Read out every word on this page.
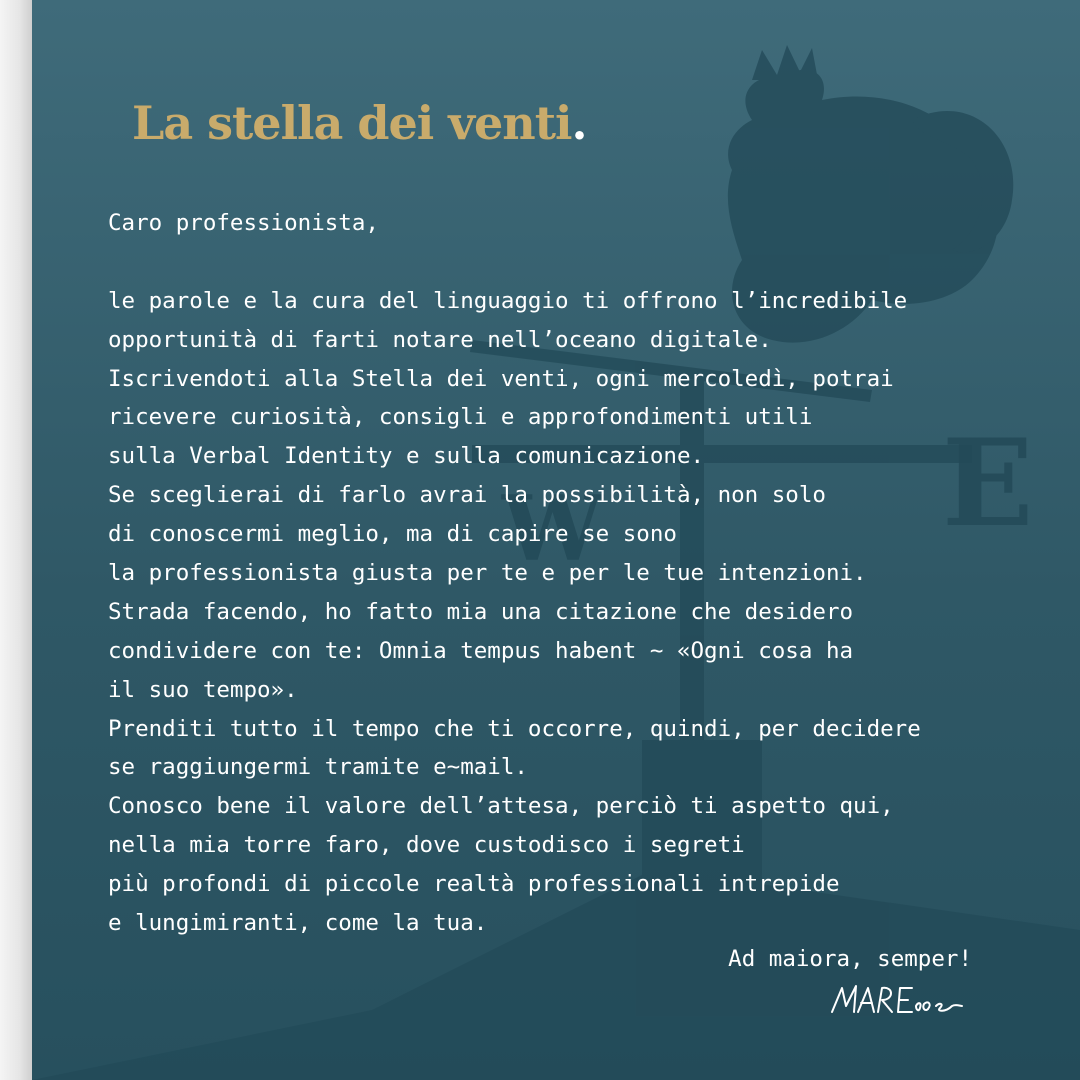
E
W
La stella dei venti.
Caro professionista,
le parole e la cura del linguaggio ti offrono l’incredibile
opportunità di farti notare nell’oceano digitale.
Iscrivendoti alla Stella dei venti, ogni mercoledì, potrai
ricevere curiosità, consigli e approfondimenti utili
sulla Verbal Identity e sulla comunicazione.
Se sceglierai di farlo avrai la possibilità, non solo
di conoscermi meglio, ma di capire se sono
la professionista giusta per te e per le tue intenzioni.
Strada facendo, ho fatto mia una citazione che desidero
condividere con te: Omnia tempus habent ~ «Ogni cosa ha
il suo tempo».
Prenditi tutto il tempo che ti occorre, quindi, per decidere
se raggiungermi tramite e~mail.
Conosco bene il valore dell’attesa, perciò ti aspetto qui,
nella mia torre faro, dove custodisco i segreti
più profondi di piccole realtà professionali intrepide
e lungimiranti, come la tua.
Ad maiora, semper!
